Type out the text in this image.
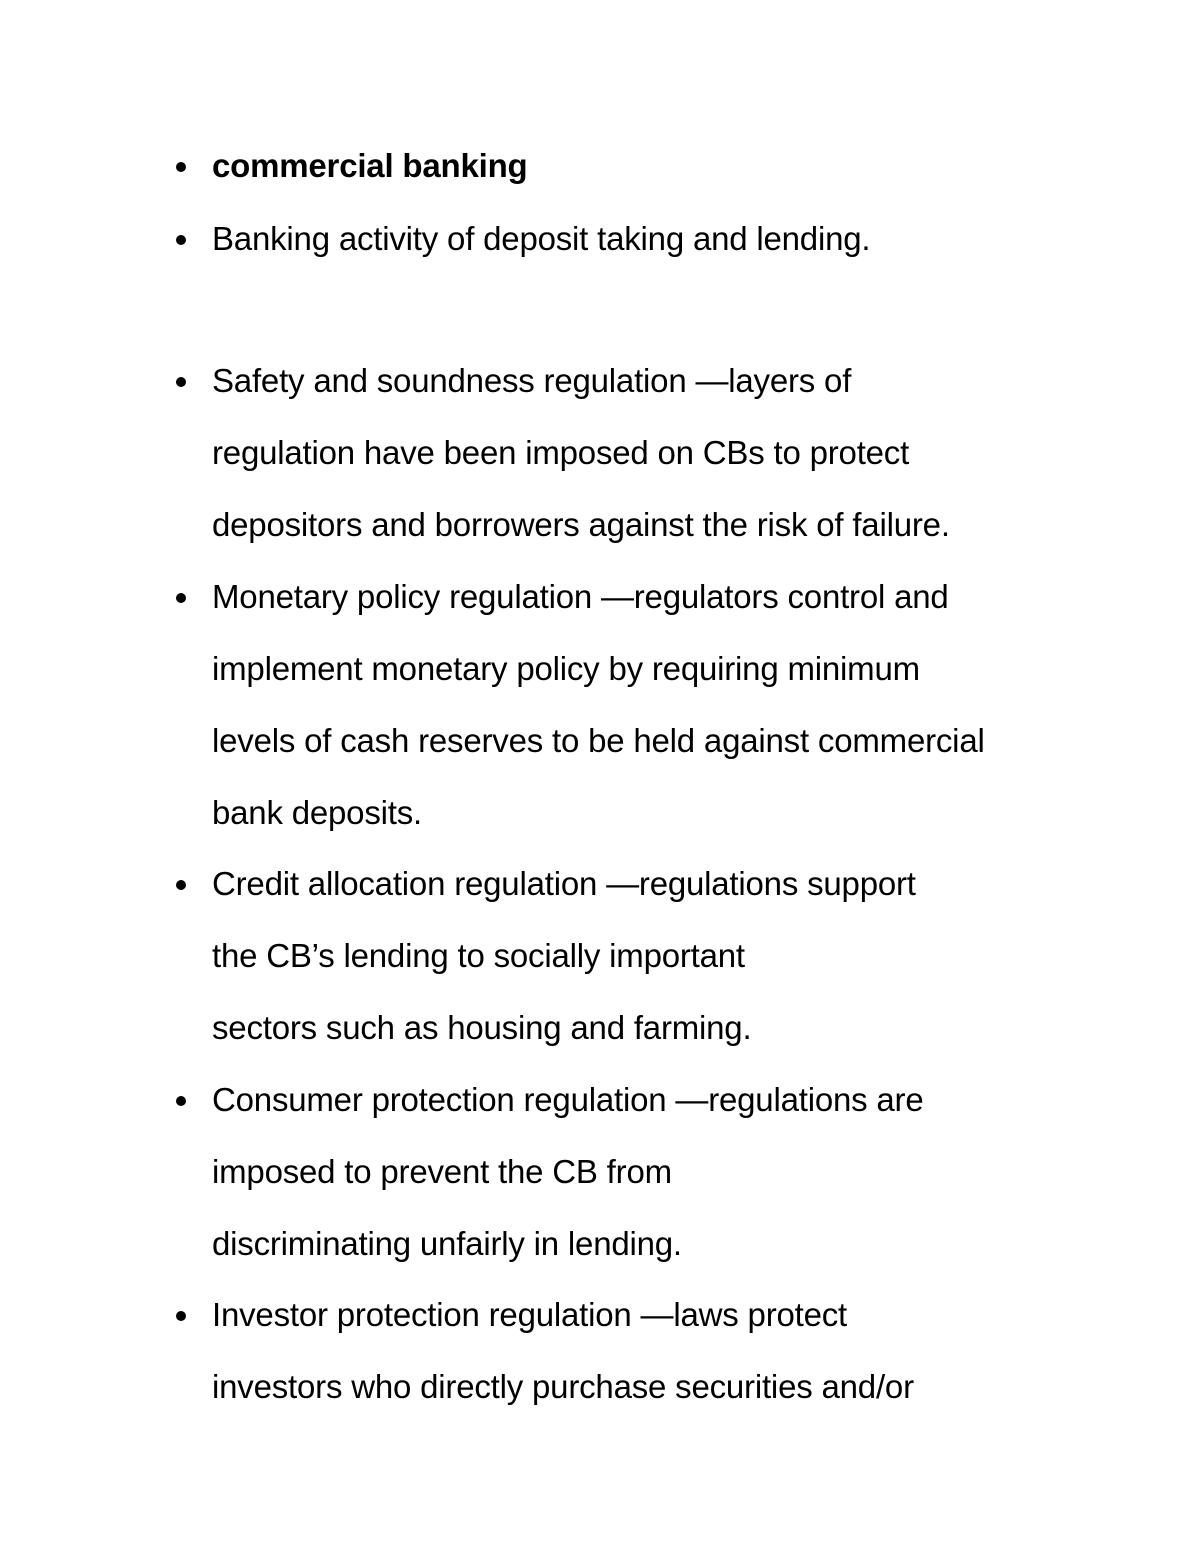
commercial banking
Banking activity of deposit taking and lending.
Safety and soundness regulation —layers of
regulation have been imposed on CBs to protect
depositors and borrowers against the risk of failure.
Monetary policy regulation —regulators control and
implement monetary policy by requiring minimum
levels of cash reserves to be held against commercial
bank deposits.
Credit allocation regulation —regulations support
the CB’s lending to socially important
sectors such as housing and farming.
Consumer protection regulation —regulations are
imposed to prevent the CB from
discriminating unfairly in lending.
Investor protection regulation —laws protect
investors who directly purchase securities and/or
